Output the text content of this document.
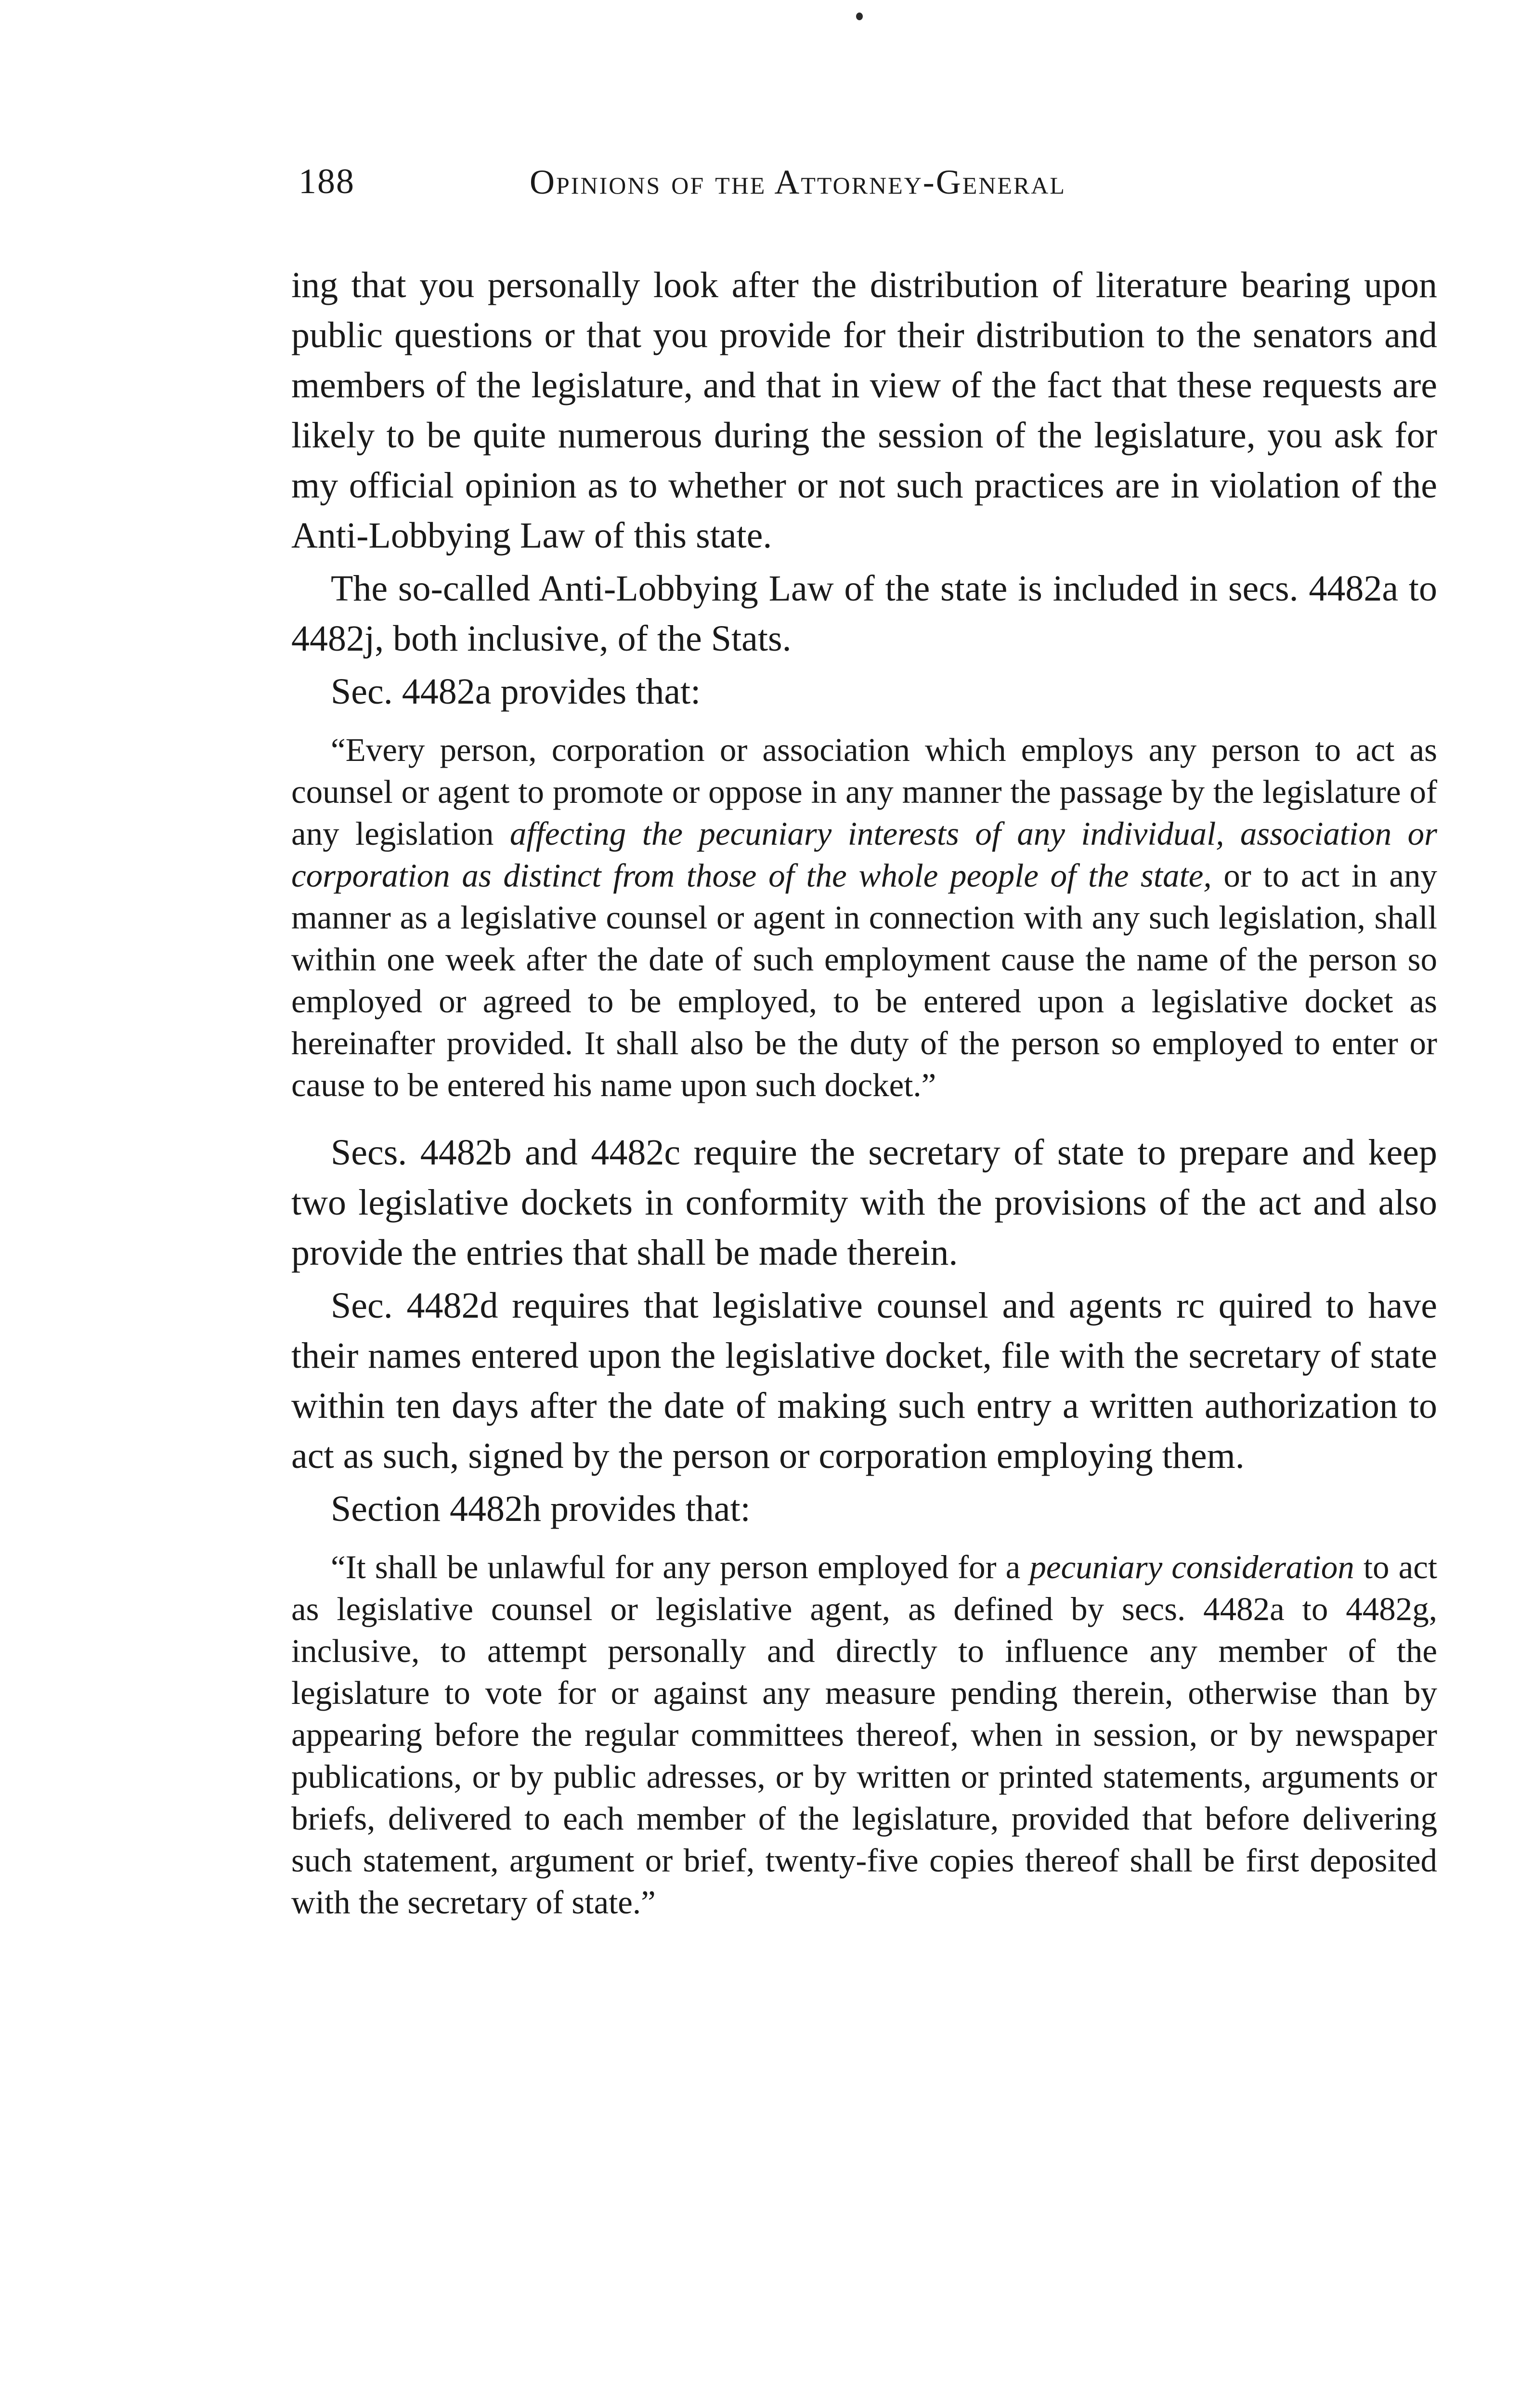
188	Opinions of the Attorney-General

ing that you personally look after the distribution of literature bearing upon public questions or that you provide for their distribution to the senators and members of the legislature, and that in view of the fact that these requests are likely to be quite numerous during the session of the legislature, you ask for my official opinion as to whether or not such practices are in violation of the Anti-Lobbying Law of this state.

The so-called Anti-Lobbying Law of the state is included in secs. 4482a to 4482j, both inclusive, of the Stats.

Sec. 4482a provides that:

“Every person, corporation or association which employs any person to act as counsel or agent to promote or oppose in any manner the passage by the legislature of any legislation affecting the pecuniary interests of any individual, association or corporation as distinct from those of the whole people of the state, or to act in any manner as a legislative counsel or agent in connection with any such legislation, shall within one week after the date of such employment cause the name of the person so employed or agreed to be employed, to be entered upon a legislative docket as hereinafter provided. It shall also be the duty of the person so employed to enter or cause to be entered his name upon such docket.”

Secs. 4482b and 4482c require the secretary of state to prepare and keep two legislative dockets in conformity with the provisions of the act and also provide the entries that shall be made therein.

Sec. 4482d requires that legislative counsel and agents rc quired to have their names entered upon the legislative docket, file with the secretary of state within ten days after the date of making such entry a written authorization to act as such, signed by the person or corporation employing them.

Section 4482h provides that:

“It shall be unlawful for any person employed for a pecuniary consideration to act as legislative counsel or legislative agent, as defined by secs. 4482a to 4482g, inclusive, to attempt personally and directly to influence any member of the legislature to vote for or against any measure pending therein, otherwise than by appearing before the regular committees thereof, when in session, or by newspaper publications, or by public adresses, or by written or printed statements, arguments or briefs, delivered to each member of the legislature, provided that before delivering such statement, argument or brief, twenty-five copies thereof shall be first deposited with the secretary of state.”
